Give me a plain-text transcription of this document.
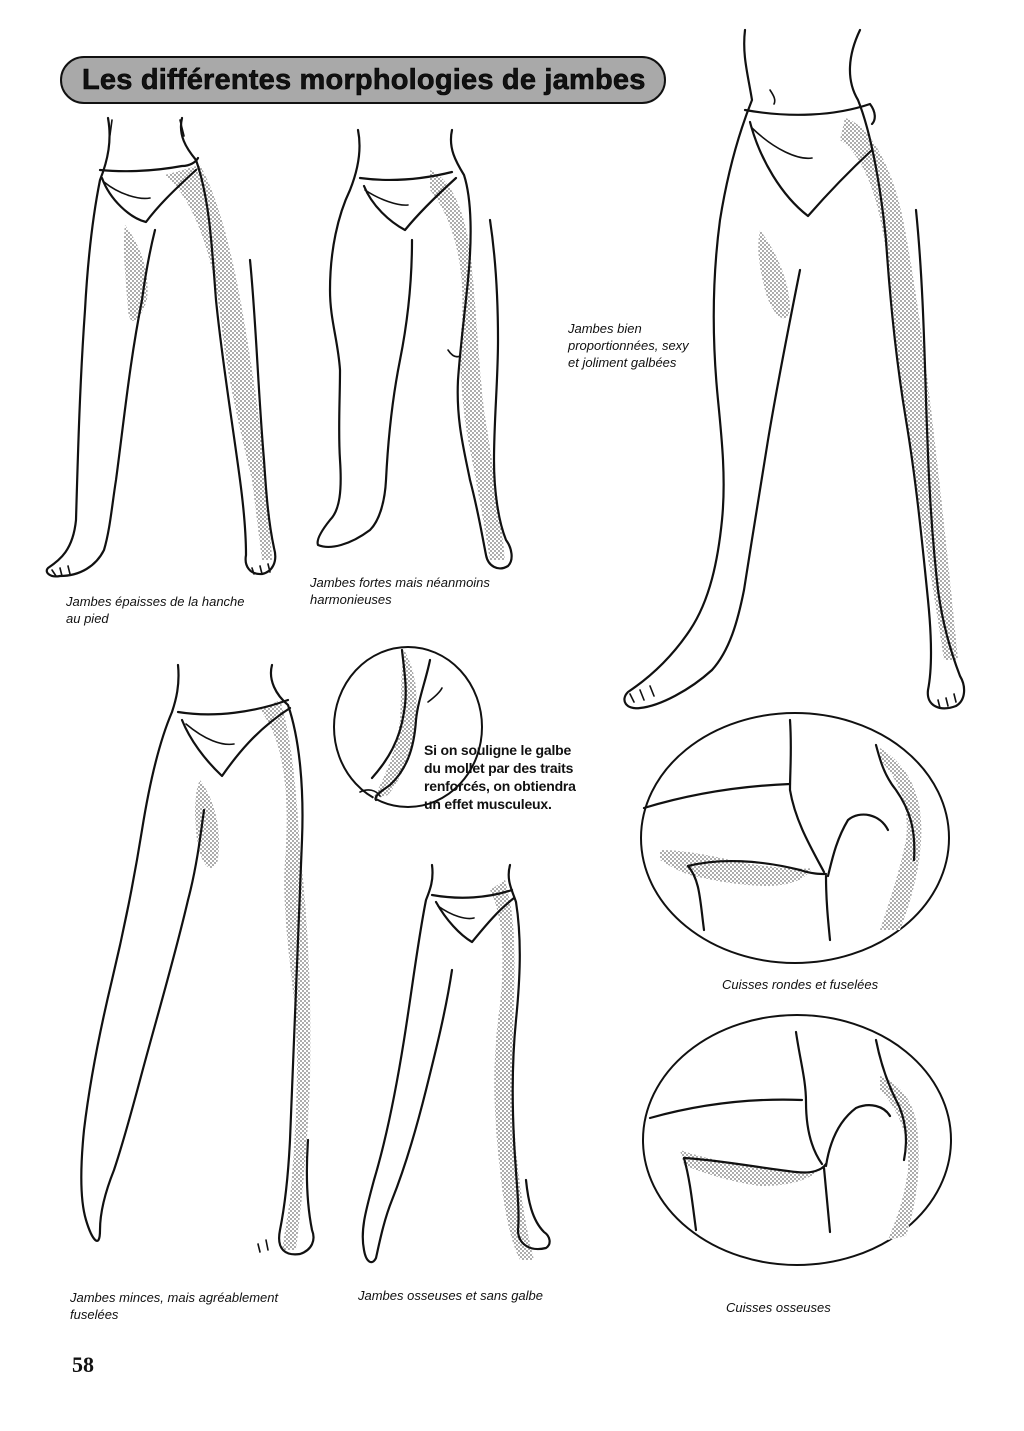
Les différentes morphologies de jambes
Jambes épaisses de la hanche
au pied
Jambes fortes mais néanmoins
harmonieuses
Jambes bien
proportionnées, sexy
et joliment galbées
Jambes minces, mais agréablement
fuselées
Jambes osseuses et sans galbe
Cuisses rondes et fuselées
Cuisses osseuses
Si on souligne le galbe
du mollet par des traits
renforcés, on obtiendra
un effet musculeux.
58
